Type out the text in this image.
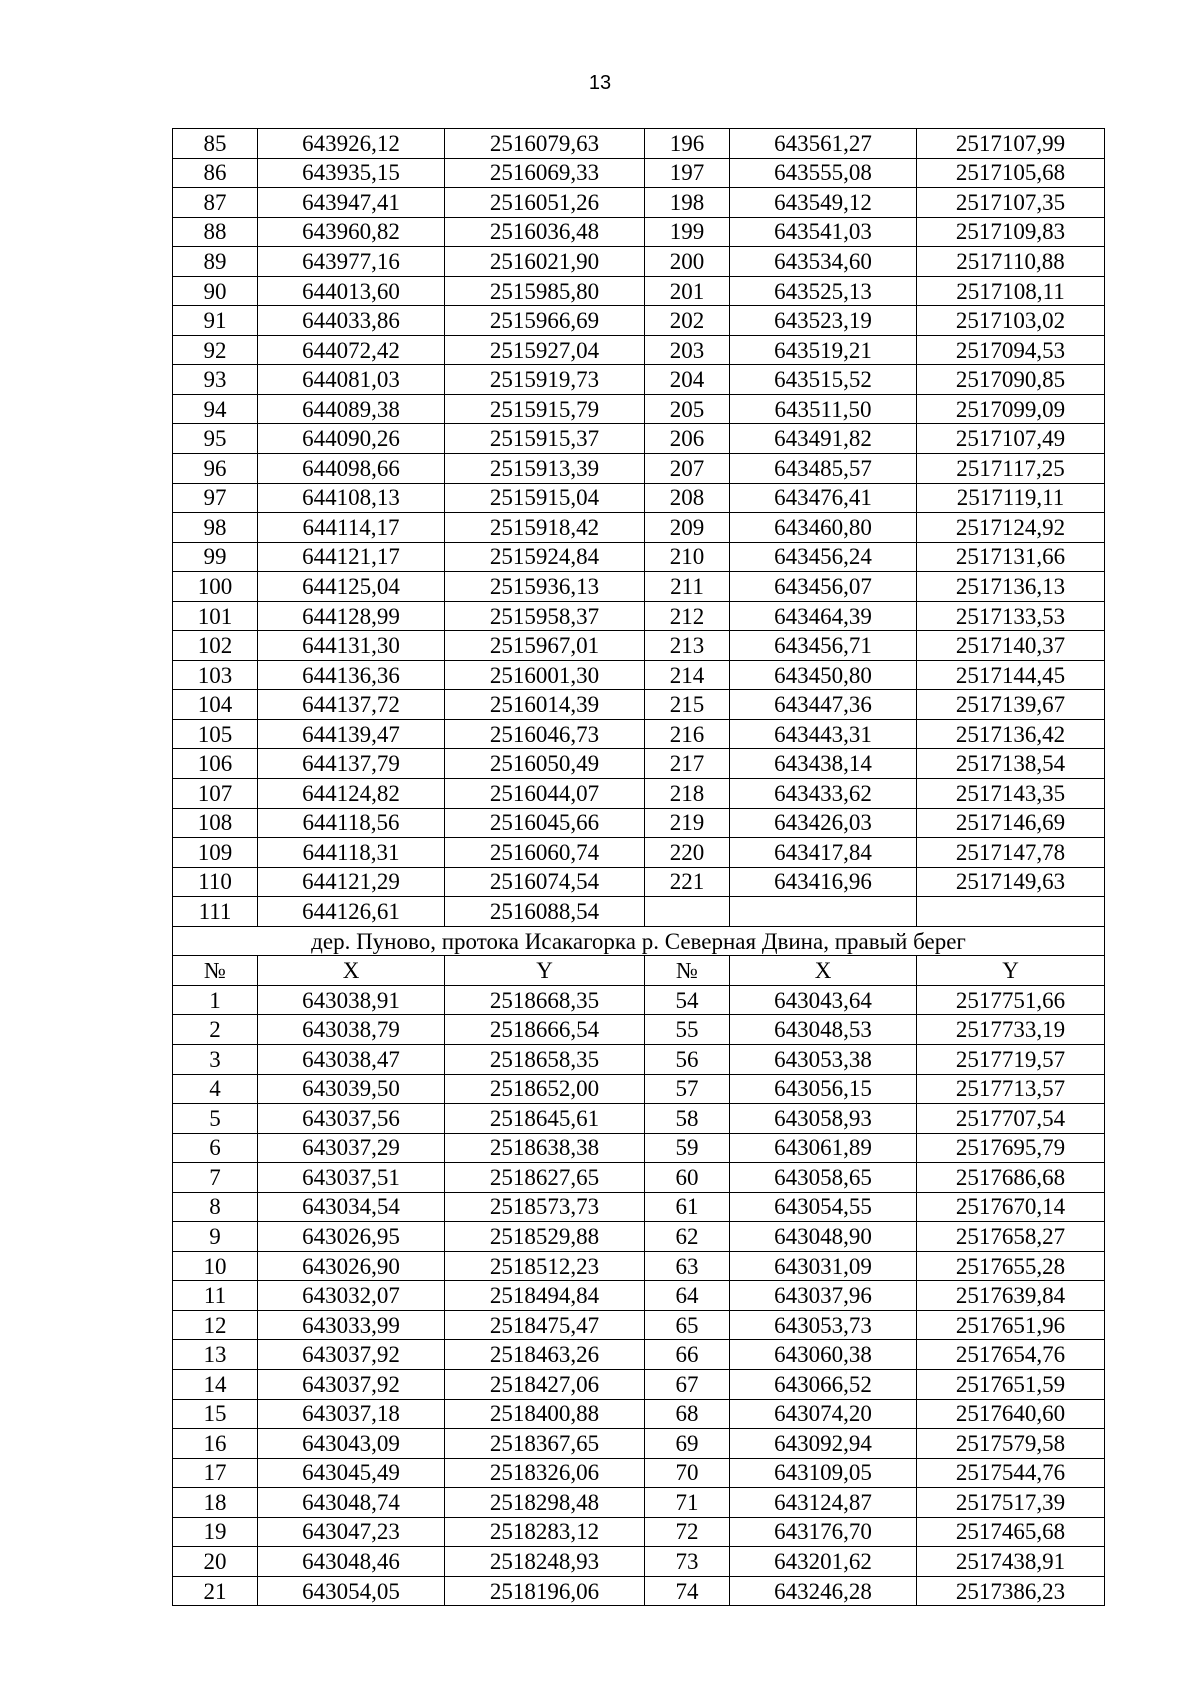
13
85	643926,12	2516079,63	196	643561,27	2517107,99
86	643935,15	2516069,33	197	643555,08	2517105,68
87	643947,41	2516051,26	198	643549,12	2517107,35
88	643960,82	2516036,48	199	643541,03	2517109,83
89	643977,16	2516021,90	200	643534,60	2517110,88
90	644013,60	2515985,80	201	643525,13	2517108,11
91	644033,86	2515966,69	202	643523,19	2517103,02
92	644072,42	2515927,04	203	643519,21	2517094,53
93	644081,03	2515919,73	204	643515,52	2517090,85
94	644089,38	2515915,79	205	643511,50	2517099,09
95	644090,26	2515915,37	206	643491,82	2517107,49
96	644098,66	2515913,39	207	643485,57	2517117,25
97	644108,13	2515915,04	208	643476,41	2517119,11
98	644114,17	2515918,42	209	643460,80	2517124,92
99	644121,17	2515924,84	210	643456,24	2517131,66
100	644125,04	2515936,13	211	643456,07	2517136,13
101	644128,99	2515958,37	212	643464,39	2517133,53
102	644131,30	2515967,01	213	643456,71	2517140,37
103	644136,36	2516001,30	214	643450,80	2517144,45
104	644137,72	2516014,39	215	643447,36	2517139,67
105	644139,47	2516046,73	216	643443,31	2517136,42
106	644137,79	2516050,49	217	643438,14	2517138,54
107	644124,82	2516044,07	218	643433,62	2517143,35
108	644118,56	2516045,66	219	643426,03	2517146,69
109	644118,31	2516060,74	220	643417,84	2517147,78
110	644121,29	2516074,54	221	643416,96	2517149,63
111	644126,61	2516088,54			
дер. Пуново, протока Исакагорка р. Северная Двина, правый берег					
№	X	Y	№	X	Y
1	643038,91	2518668,35	54	643043,64	2517751,66
2	643038,79	2518666,54	55	643048,53	2517733,19
3	643038,47	2518658,35	56	643053,38	2517719,57
4	643039,50	2518652,00	57	643056,15	2517713,57
5	643037,56	2518645,61	58	643058,93	2517707,54
6	643037,29	2518638,38	59	643061,89	2517695,79
7	643037,51	2518627,65	60	643058,65	2517686,68
8	643034,54	2518573,73	61	643054,55	2517670,14
9	643026,95	2518529,88	62	643048,90	2517658,27
10	643026,90	2518512,23	63	643031,09	2517655,28
11	643032,07	2518494,84	64	643037,96	2517639,84
12	643033,99	2518475,47	65	643053,73	2517651,96
13	643037,92	2518463,26	66	643060,38	2517654,76
14	643037,92	2518427,06	67	643066,52	2517651,59
15	643037,18	2518400,88	68	643074,20	2517640,60
16	643043,09	2518367,65	69	643092,94	2517579,58
17	643045,49	2518326,06	70	643109,05	2517544,76
18	643048,74	2518298,48	71	643124,87	2517517,39
19	643047,23	2518283,12	72	643176,70	2517465,68
20	643048,46	2518248,93	73	643201,62	2517438,91
21	643054,05	2518196,06	74	643246,28	2517386,23
